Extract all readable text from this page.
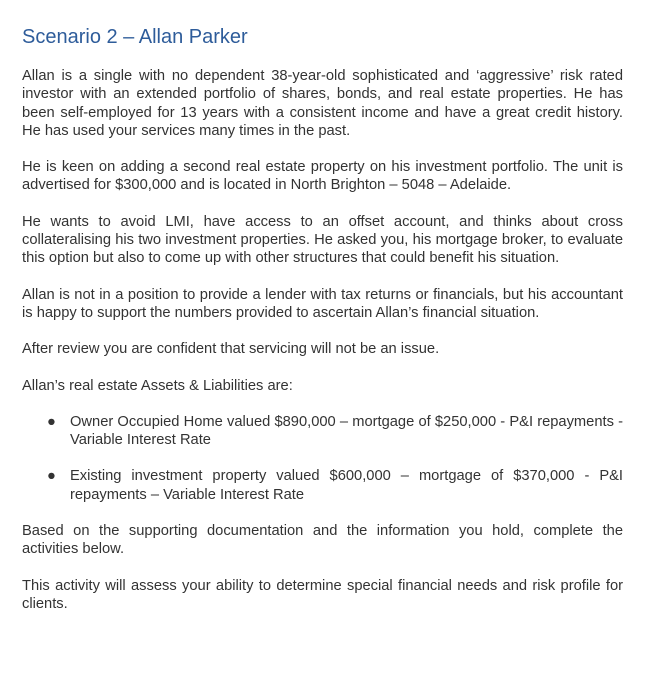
Scenario 2 – Allan Parker

Allan is a single with no dependent 38-year-old sophisticated and ‘aggressive’ risk rated investor with an extended portfolio of shares, bonds, and real estate properties. He has been self-employed for 13 years with a consistent income and have a great credit history. He has used your services many times in the past.

He is keen on adding a second real estate property on his investment portfolio. The unit is advertised for $300,000 and is located in North Brighton – 5048 – Adelaide.

He wants to avoid LMI, have access to an offset account, and thinks about cross collateralising his two investment properties. He asked you, his mortgage broker, to evaluate this option but also to come up with other structures that could benefit his situation.

Allan is not in a position to provide a lender with tax returns or financials, but his accountant is happy to support the numbers provided to ascertain Allan’s financial situation.

After review you are confident that servicing will not be an issue.

Allan’s real estate Assets & Liabilities are:

● Owner Occupied Home valued $890,000 – mortgage of $250,000 - P&I repayments - Variable Interest Rate
● Existing investment property valued $600,000 – mortgage of $370,000 - P&I repayments – Variable Interest Rate

Based on the supporting documentation and the information you hold, complete the activities below.

This activity will assess your ability to determine special financial needs and risk profile for clients.
